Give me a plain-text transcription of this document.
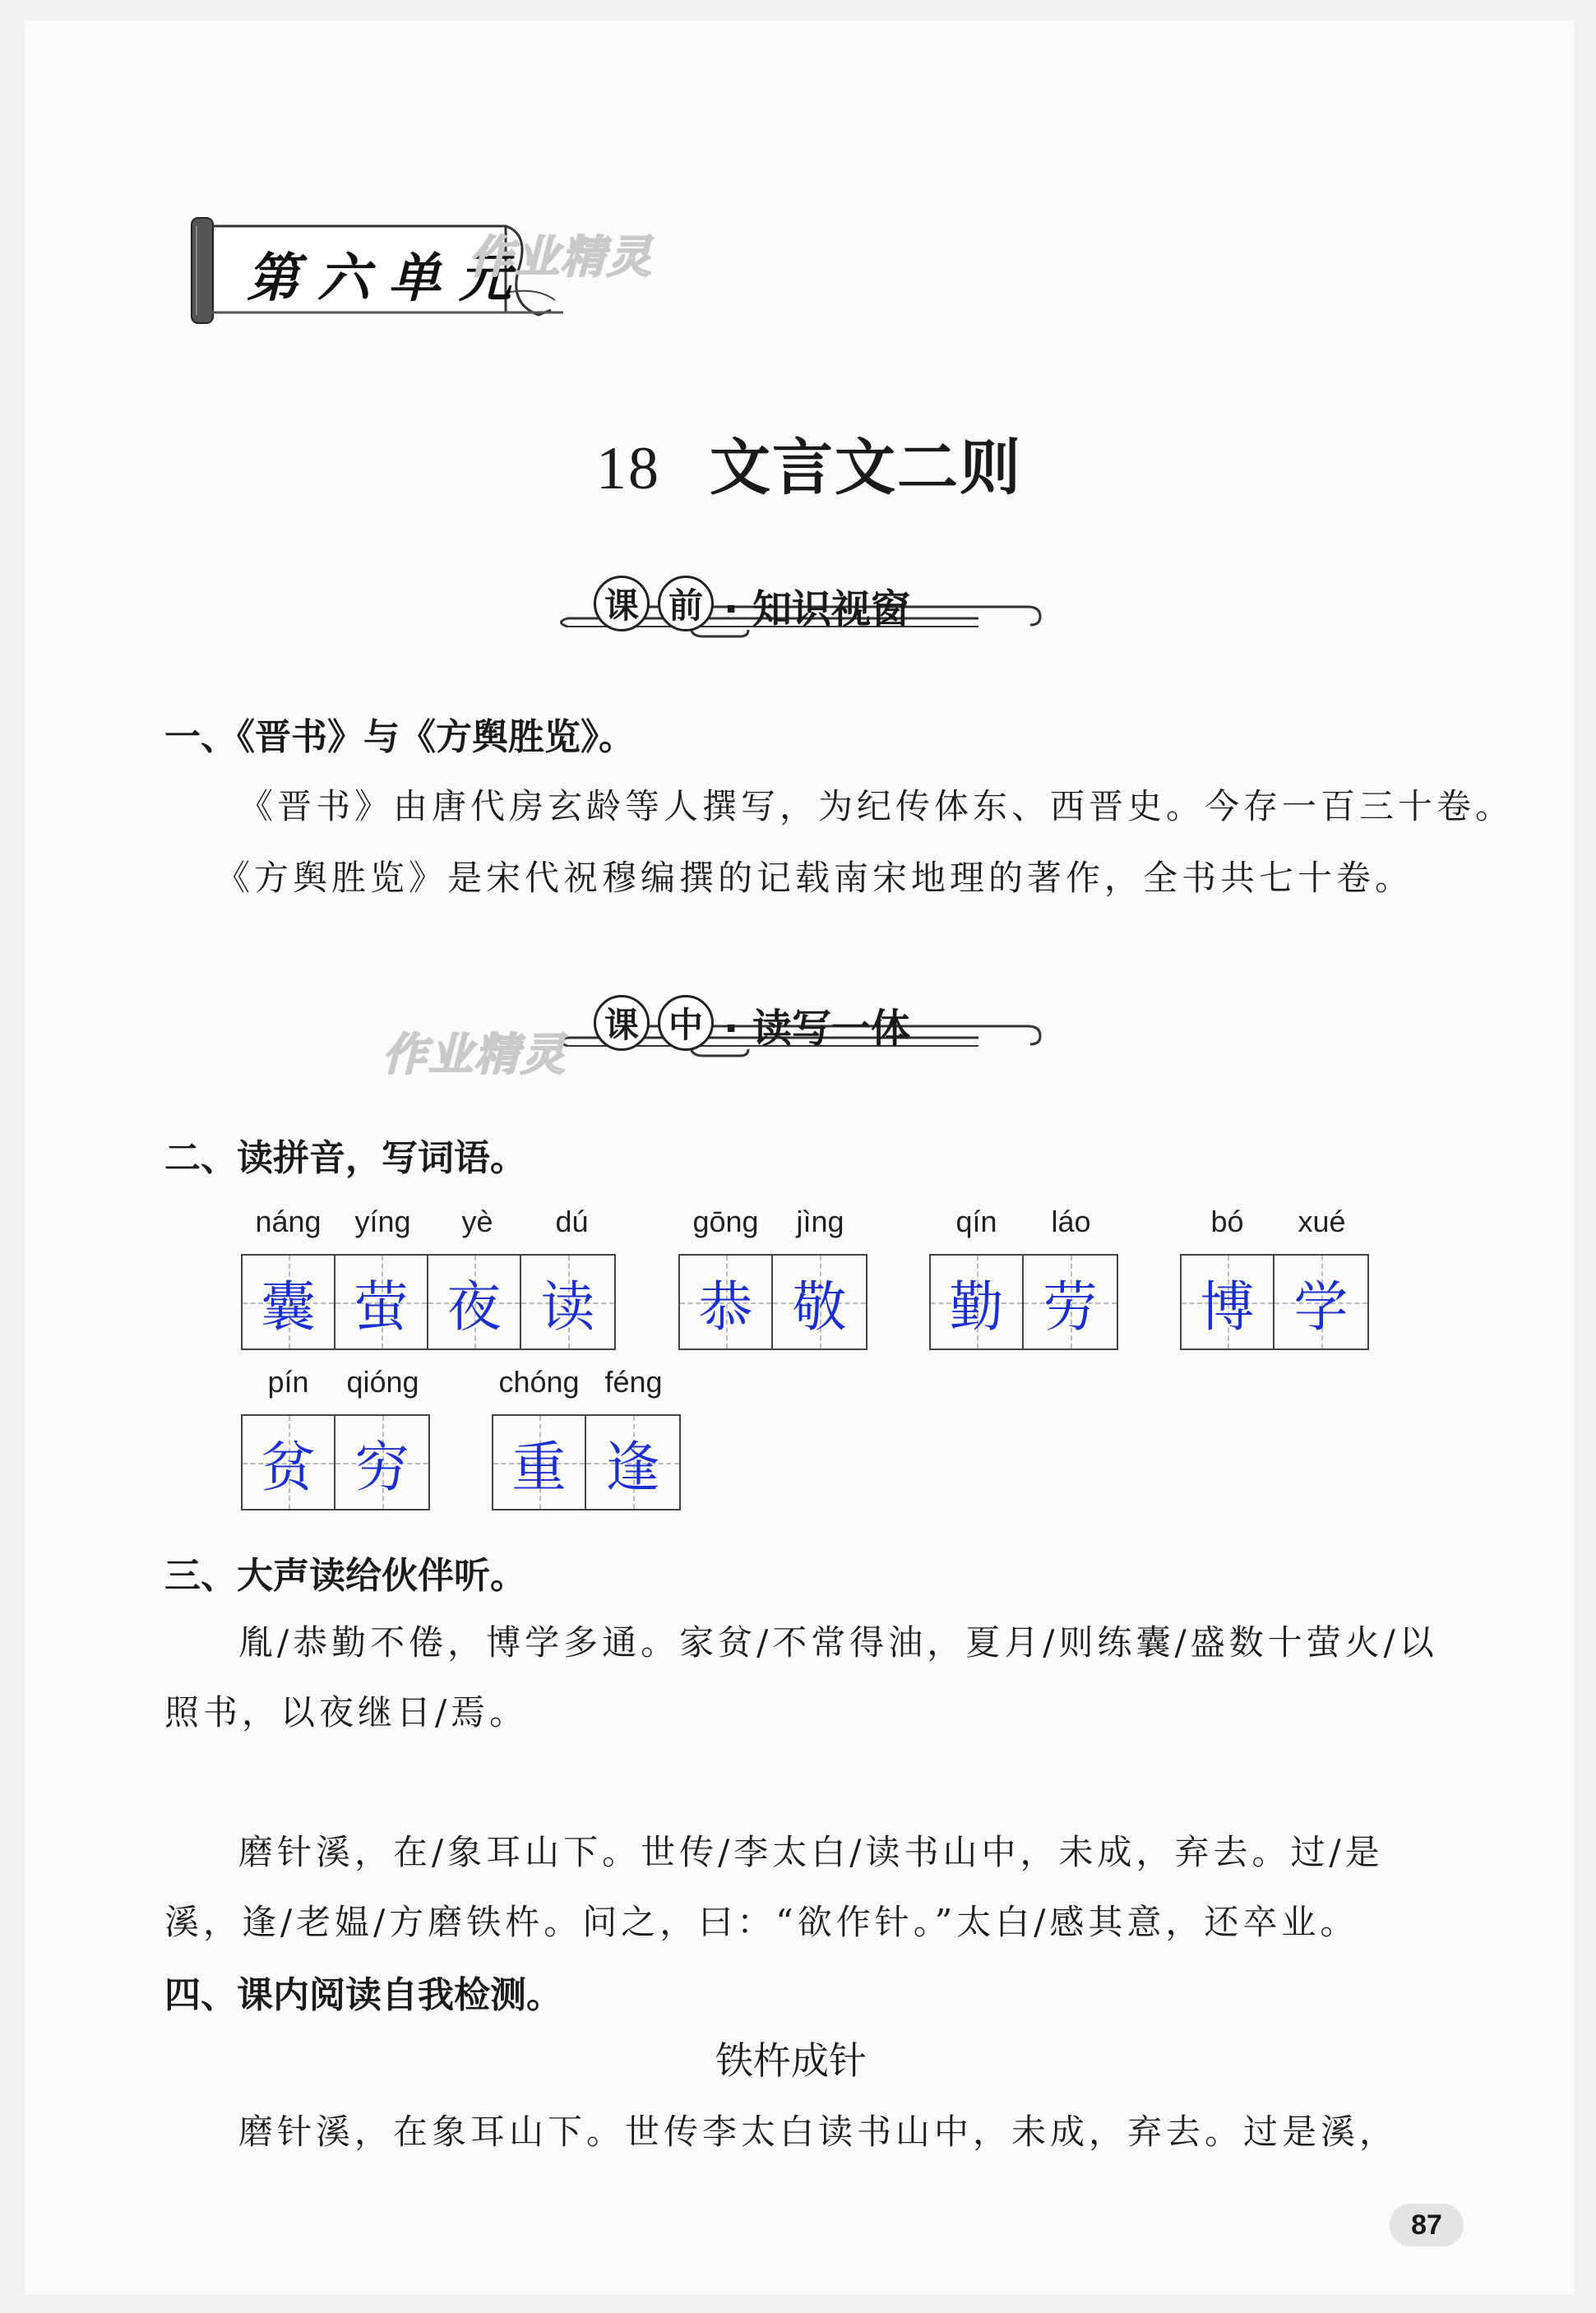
第六单元
作业精灵
18 文言文二则
课 前 · 知识视窗
一、《晋书》与《方舆胜览》。
《晋书》由唐代房玄龄等人撰写，为纪传体东、西晋史。今存一百三十卷。
《方舆胜览》是宋代祝穆编撰的记载南宋地理的著作，全书共七十卷。
课 中 · 读写一体
作业精灵
二、读拼音，写词语。
náng	yíng	yè	dú
囊 萤 夜 读
gōng	jìng
恭 敬
qín	láo
勤 劳
bó	xué
博 学
pín	qióng
贫 穷
chóng féng
重 逢
三、大声读给伙伴听。
胤/恭勤不倦，博学多通。家贫/不常得油，夏月/则练囊/盛数十萤火/以
照书，以夜继日/焉。
磨针溪，在/象耳山下。世传/李太白/读书山中，未成，弃去。过/是
溪，逢/老媪/方磨铁杵。问之，曰：“欲作针。”太白/感其意，还卒业。
四、课内阅读自我检测。
铁杵成针
磨针溪，在象耳山下。世传李太白读书山中，未成，弃去。过是溪，
87
